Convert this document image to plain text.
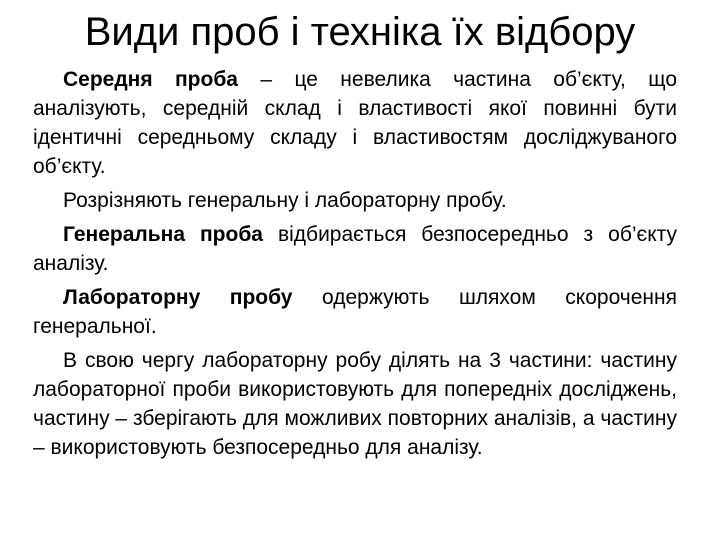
Види проб і техніка їх відбору

Середня проба – це невелика частина об’єкту, що аналізують, середній склад і властивості якої повинні бути ідентичні середньому складу і властивостям досліджуваного об’єкту.

Розрізняють генеральну і лабораторну пробу.

Генеральна проба відбирається безпосередньо з об’єкту аналізу.

Лабораторну пробу одержують шляхом скорочення генеральної.

В свою чергу лабораторну робу ділять на 3 частини: частину лабораторної проби використовують для попередніх досліджень, частину – зберігають для можливих повторних аналізів, а частину – використовують безпосередньо для аналізу.
